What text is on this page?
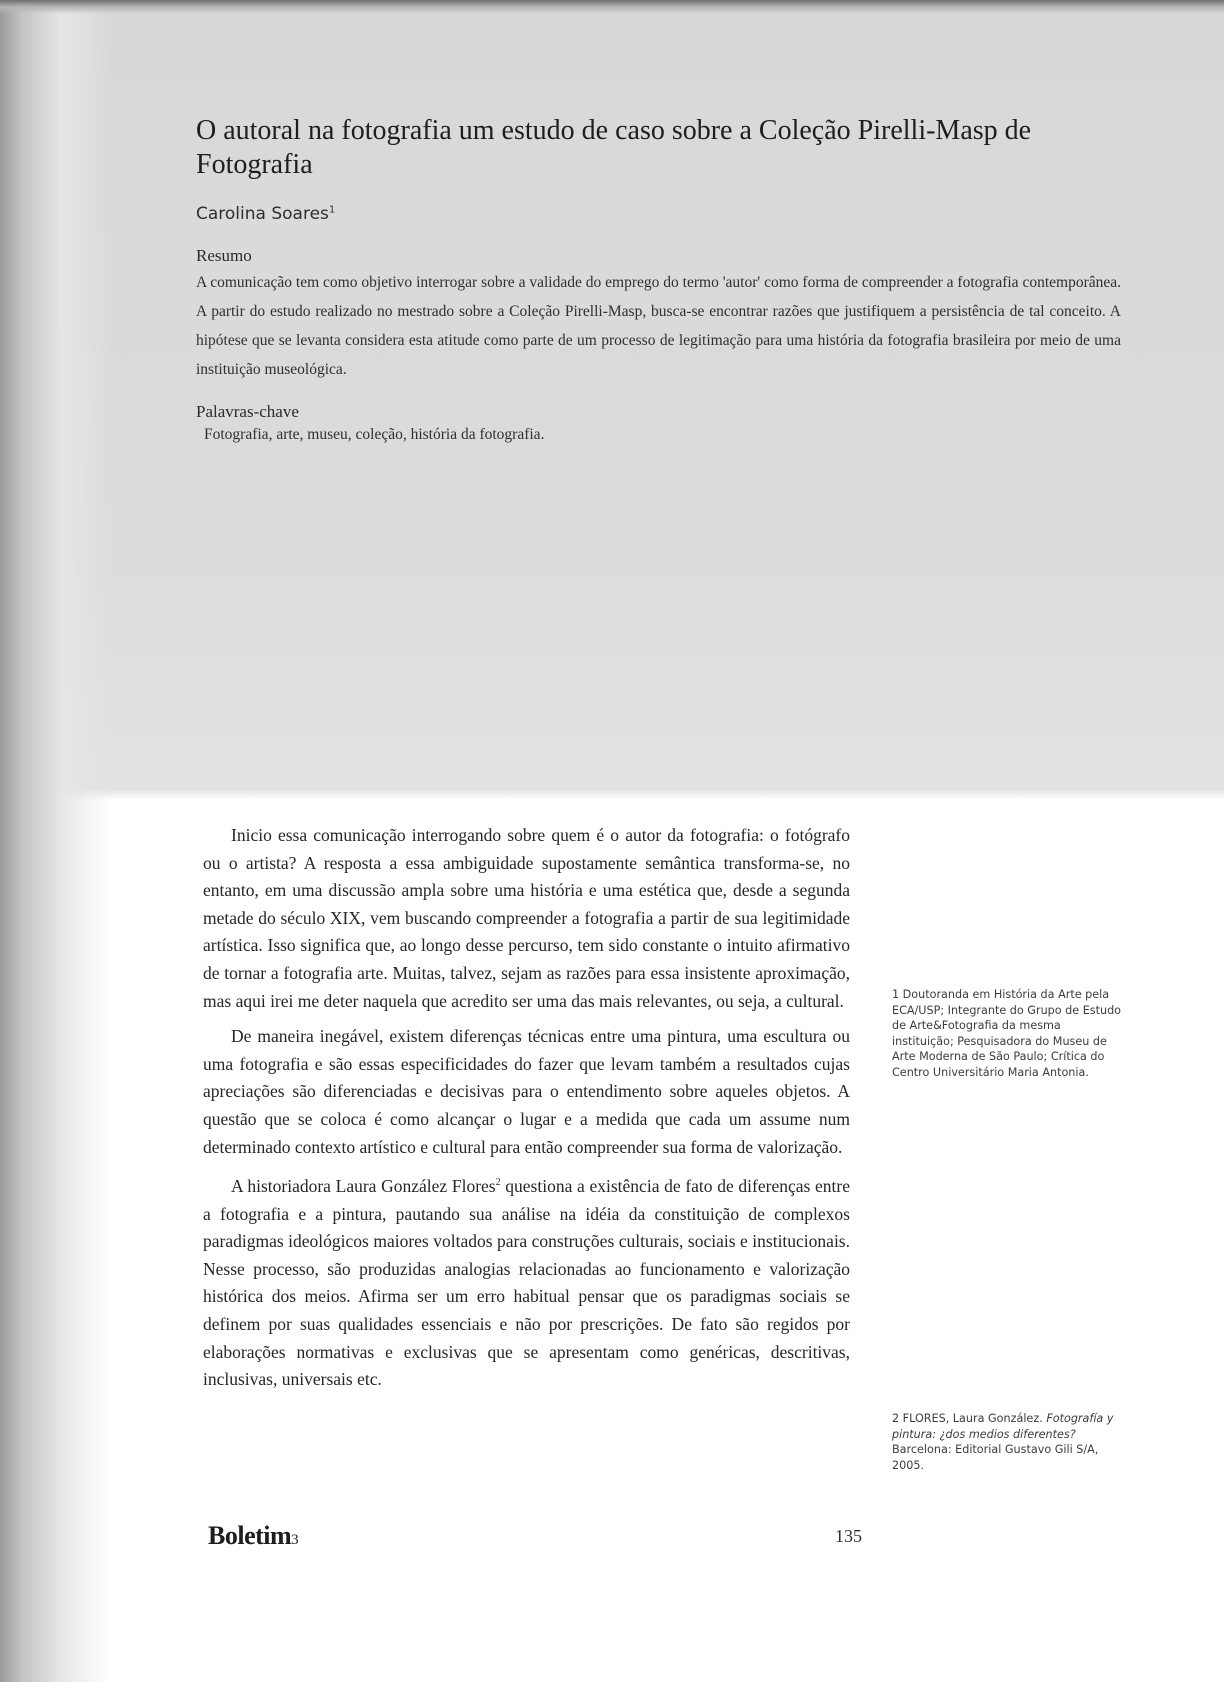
O autoral na fotografia um estudo de caso sobre a Coleção Pirelli-Masp de Fotografia
Carolina Soares$^1$
Resumo
A comunicação tem como objetivo interrogar sobre a validade do emprego do termo 'autor' como forma de compreender a fotografia contemporânea. A partir do estudo realizado no mestrado sobre a Coleção Pirelli-Masp, busca-se encontrar razões que justifiquem a persistência de tal conceito. A hipótese que se levanta considera esta atitude como parte de um processo de legitimação para uma história da fotografia brasileira por meio de uma instituição museológica.
Palavras-chave
Fotografia, arte, museu, coleção, história da fotografia.

Inicio essa comunicação interrogando sobre quem é o autor da fotografia: o fotógrafo ou o artista? A resposta a essa ambiguidade supostamente semântica transforma-se, no entanto, em uma discussão ampla sobre uma história e uma estética que, desde a segunda metade do século XIX, vem buscando compreender a fotografia a partir de sua legitimidade artística. Isso significa que, ao longo desse percurso, tem sido constante o intuito afirmativo de tornar a fotografia arte. Muitas, talvez, sejam as razões para essa insistente aproximação, mas aqui irei me deter naquela que acredito ser uma das mais relevantes, ou seja, a cultural.

De maneira inegável, existem diferenças técnicas entre uma pintura, uma escultura ou uma fotografia e são essas especificidades do fazer que levam também a resultados cujas apreciações são diferenciadas e decisivas para o entendimento sobre aqueles objetos. A questão que se coloca é como alcançar o lugar e a medida que cada um assume num determinado contexto artístico e cultural para então compreender sua forma de valorização.

A historiadora Laura González Flores$^2$ questiona a existência de fato de diferenças entre a fotografia e a pintura, pautando sua análise na idéia da constituição de complexos paradigmas ideológicos maiores voltados para construções culturais, sociais e institucionais. Nesse processo, são produzidas analogias relacionadas ao funcionamento e valorização histórica dos meios. Afirma ser um erro habitual pensar que os paradigmas sociais se definem por suas qualidades essenciais e não por prescrições. De fato são regidos por elaborações normativas e exclusivas que se apresentam como genéricas, descritivas, inclusivas, universais etc.

1 Doutoranda em História da Arte pela ECA/USP; Integrante do Grupo de Estudo de Arte&Fotografia da mesma instituição; Pesquisadora do Museu de Arte Moderna de São Paulo; Crítica do Centro Universitário Maria Antonia.
2 FLORES, Laura González. Fotografía y pintura: ¿dos medios diferentes? Barcelona: Editorial Gustavo Gili S/A, 2005.
Boletim3	135
